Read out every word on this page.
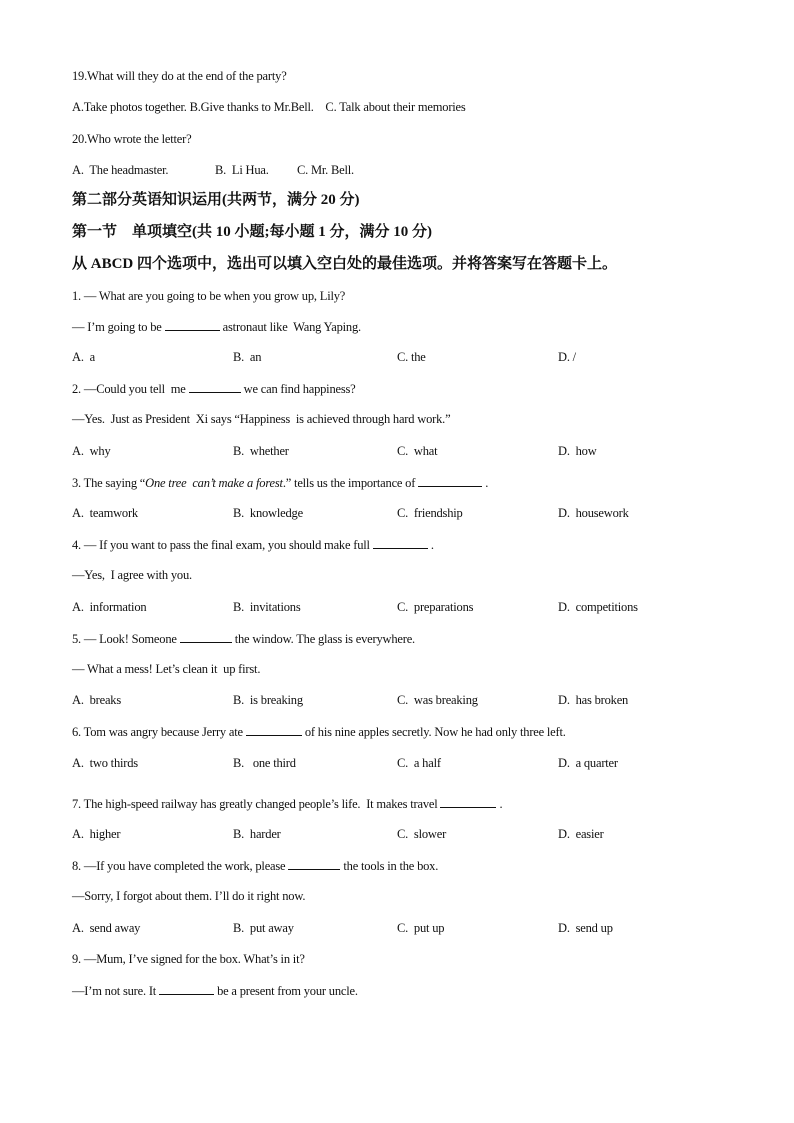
19.What will they do at the end of the party?
A.Take photos together. B.Give thanks to Mr.Bell.    C. Talk about their memories
20.Who wrote the letter?
A.  The headmaster.	B.  Li Hua. C. Mr. Bell.
第二部分英语知识运用(共两节，满分 20 分)
第一节    单项填空(共 10 小题;每小题 1 分，满分 10 分)
从 ABCD 四个选项中，选出可以填入空白处的最佳选项。并将答案写在答题卡上。
1. — What are you going to be when you grow up, Lily?
— I’m going to be	astronaut like  Wang Yaping.
A.  a	B.  an	C. the	D. /
2. —Could you tell  me	we can find happiness?
—Yes.  Just as President  Xi says “Happiness  is achieved through hard work.”
A.  why	B.  whether	C.  what	D.  how
3. The saying “One tree  can’t make a forest.” tells us the importance of	.
A.  teamwork	B.  knowledge	C.  friendship	D.  housework
4. — If you want to pass the final exam, you should make full	.
—Yes,  I agree with you.
A.  information	B.  invitations	C.  preparations	D.  competitions
5. — Look! Someone	the window. The glass is everywhere.
— What a mess! Let’s clean it  up first.
A.  breaks	B.  is breaking	C.  was breaking	D.  has broken
6. Tom was angry because Jerry ate	of his nine apples secretly. Now he had only three left.
A.  two thirds	B.   one third	C.  a half	D.  a quarter
7. The high-speed railway has greatly changed people’s life.  It makes travel	.
A.  higher	B.  harder	C.  slower	D.  easier
8. —If you have completed the work, please	the tools in the box.
—Sorry, I forgot about them. I’ll do it right now.
A.  send away	B.  put away	C.  put up	D.  send up
9. —Mum, I’ve signed for the box. What’s in it?
—I’m not sure. It	be a present from your uncle.
